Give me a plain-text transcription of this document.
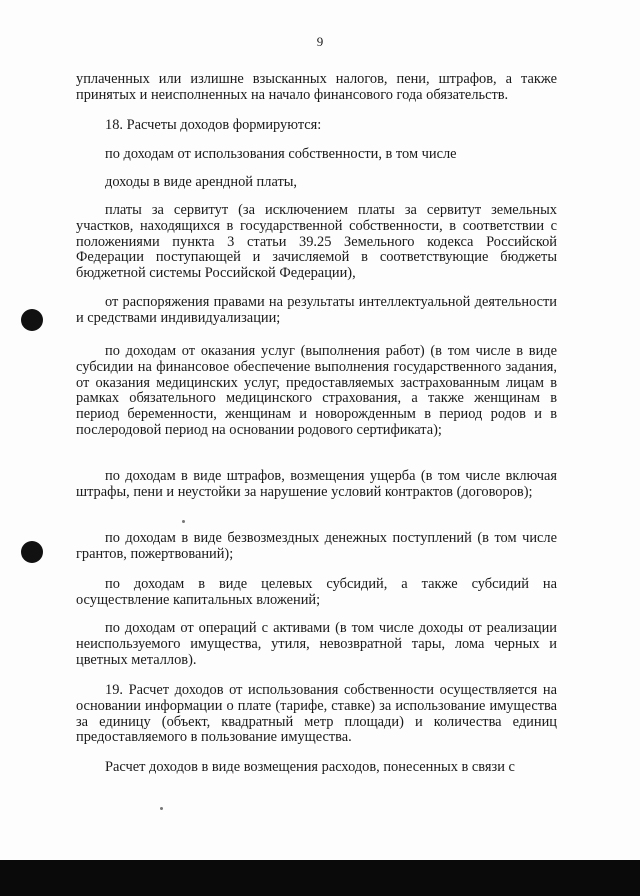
9

уплаченных или излишне взысканных налогов, пени, штрафов, а также принятых и неисполненных на начало финансового года обязательств.

18. Расчеты доходов формируются:

по доходам от использования собственности, в том числе

доходы в виде арендной платы,

платы за сервитут (за исключением платы за сервитут земельных участков, находящихся в государственной собственности, в соответствии с положениями пункта 3 статьи 39.25 Земельного кодекса Российской Федерации поступающей и зачисляемой в соответствующие бюджеты бюджетной системы Российской Федерации),

от распоряжения правами на результаты интеллектуальной деятельности и средствами индивидуализации;

по доходам от оказания услуг (выполнения работ) (в том числе в виде субсидии на финансовое обеспечение выполнения государственного задания, от оказания медицинских услуг, предоставляемых застрахованным лицам в рамках обязательного медицинского страхования, а также женщинам в период беременности, женщинам и новорожденным в период родов и в послеродовой период на основании родового сертификата);

по доходам в виде штрафов, возмещения ущерба (в том числе включая штрафы, пени и неустойки за нарушение условий контрактов (договоров);

по доходам в виде безвозмездных денежных поступлений (в том числе грантов, пожертвований);

по доходам в виде целевых субсидий, а также субсидий на осуществление капитальных вложений;

по доходам от операций с активами (в том числе доходы от реализации неиспользуемого имущества, утиля, невозвратной тары, лома черных и цветных металлов).

19. Расчет доходов от использования собственности осуществляется на основании информации о плате (тарифе, ставке) за использование имущества за единицу (объект, квадратный метр площади) и количества единиц предоставляемого в пользование имущества.

Расчет доходов в виде возмещения расходов, понесенных в связи с
